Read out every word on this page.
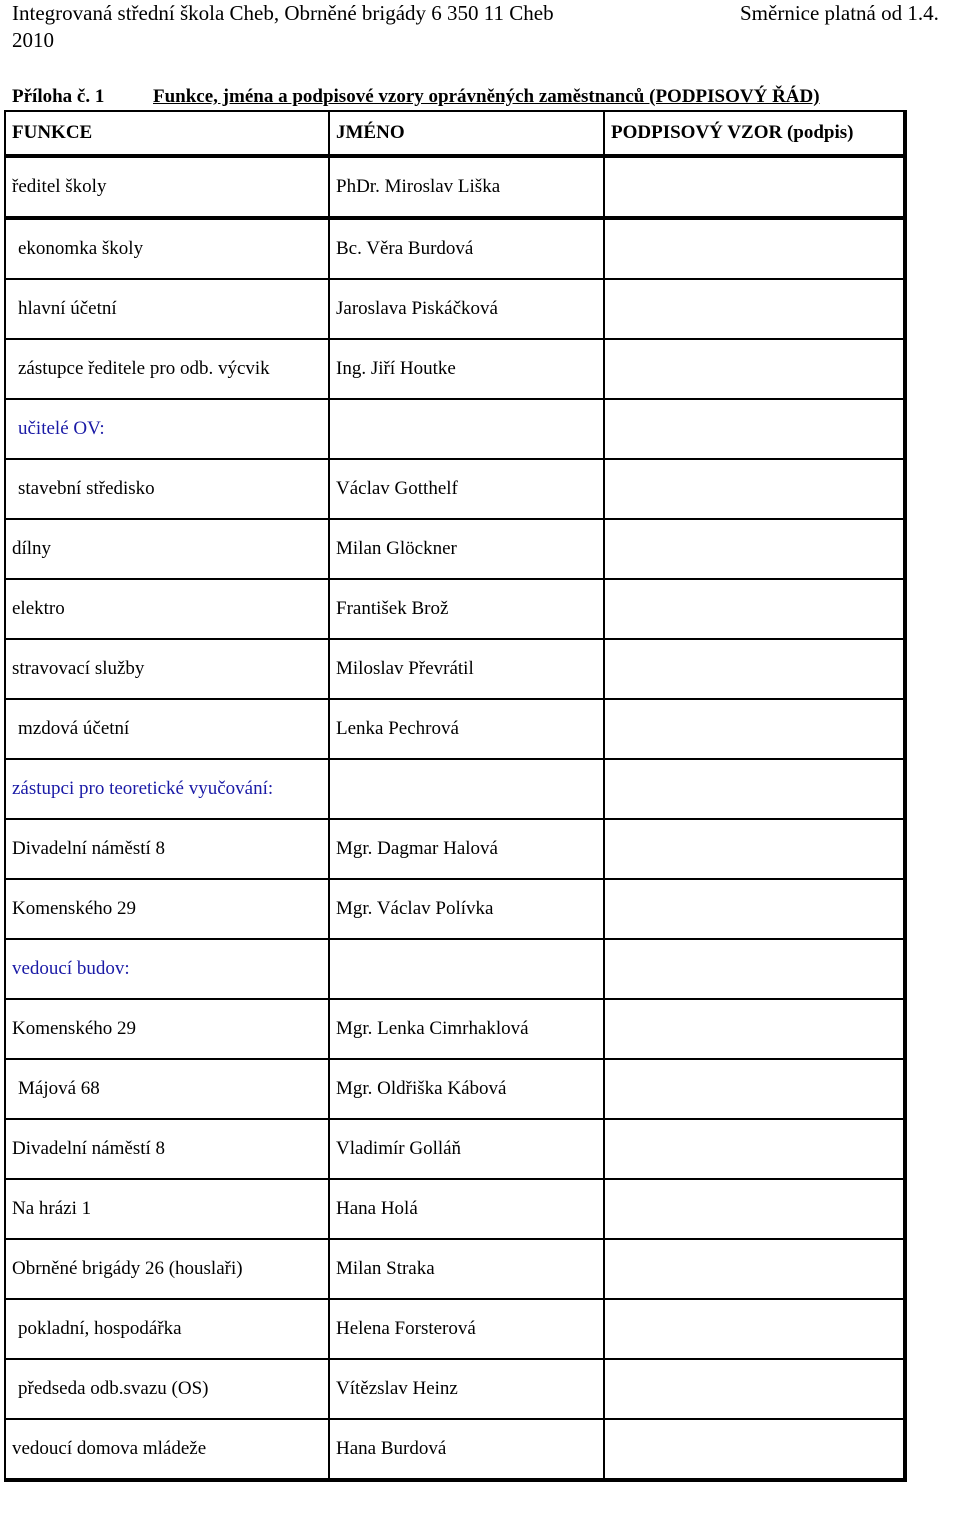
Integrovaná střední škola Cheb, Obrněné brigády 6 350 11 Cheb	Směrnice platná od 1.4.
2010
Příloha č. 1	Funkce, jména a podpisové vzory oprávněných zaměstnanců (PODPISOVÝ ŘÁD)
FUNKCE	JMÉNO	PODPISOVÝ VZOR (podpis)
ředitel školy	PhDr. Miroslav Liška	
ekonomka školy	Bc. Věra Burdová	
hlavní účetní	Jaroslava Piskáčková	
zástupce ředitele pro odb. výcvik	Ing. Jiří Houtke	
učitelé OV:		
stavební středisko	Václav Gotthelf	
dílny	Milan Glöckner	
elektro	František Brož	
stravovací služby	Miloslav Převrátil	
mzdová účetní	Lenka Pechrová	
zástupci pro teoretické vyučování:		
Divadelní náměstí 8	Mgr. Dagmar Halová	
Komenského 29	Mgr. Václav Polívka	
vedoucí budov:		
Komenského 29	Mgr. Lenka Cimrhaklová	
Májová 68	Mgr. Oldřiška Kábová	
Divadelní náměstí 8	Vladimír Golláň	
Na hrázi 1	Hana Holá	
Obrněné brigády 26 (houslaři)	Milan Straka	
pokladní, hospodářka	Helena Forsterová	
předseda odb.svazu (OS)	Vítězslav Heinz	
vedoucí domova mládeže	Hana Burdová	
